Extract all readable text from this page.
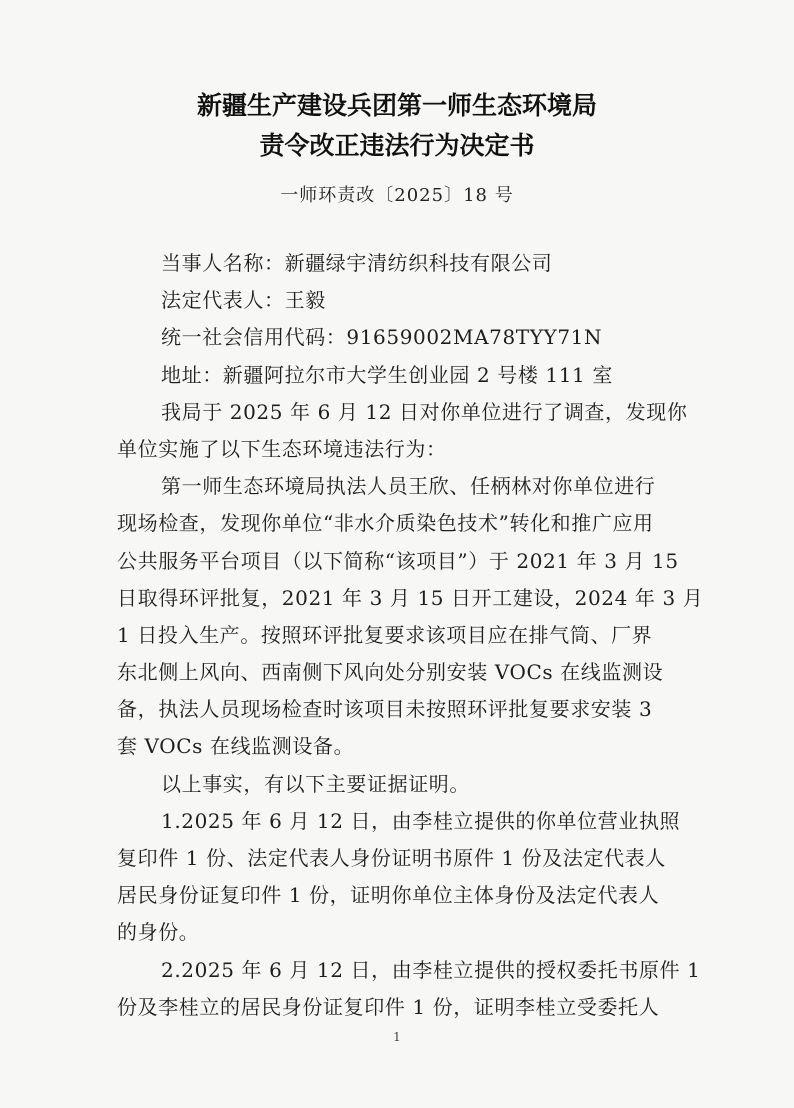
新疆生产建设兵团第一师生态环境局
责令改正违法行为决定书
一师环责改〔2025〕18 号
当事人名称：新疆绿宇清纺织科技有限公司
法定代表人：王毅
统一社会信用代码：91659002MA78TYY71N
地址：新疆阿拉尔市大学生创业园 2 号楼 111 室
我局于 2025 年 6 月 12 日对你单位进行了调查，发现你
单位实施了以下生态环境违法行为：
第一师生态环境局执法人员王欣、任柄林对你单位进行
现场检查，发现你单位“非水介质染色技术”转化和推广应用
公共服务平台项目（以下简称“该项目”）于 2021 年 3 月 15
日取得环评批复，2021 年 3 月 15 日开工建设，2024 年 3 月
1 日投入生产。按照环评批复要求该项目应在排气筒、厂界
东北侧上风向、西南侧下风向处分别安装 VOCs 在线监测设
备，执法人员现场检查时该项目未按照环评批复要求安装 3
套 VOCs 在线监测设备。
以上事实，有以下主要证据证明。
1.2025 年 6 月 12 日，由李桂立提供的你单位营业执照
复印件 1 份、法定代表人身份证明书原件 1 份及法定代表人
居民身份证复印件 1 份，证明你单位主体身份及法定代表人
的身份。
2.2025 年 6 月 12 日，由李桂立提供的授权委托书原件 1
份及李桂立的居民身份证复印件 1 份，证明李桂立受委托人
1
